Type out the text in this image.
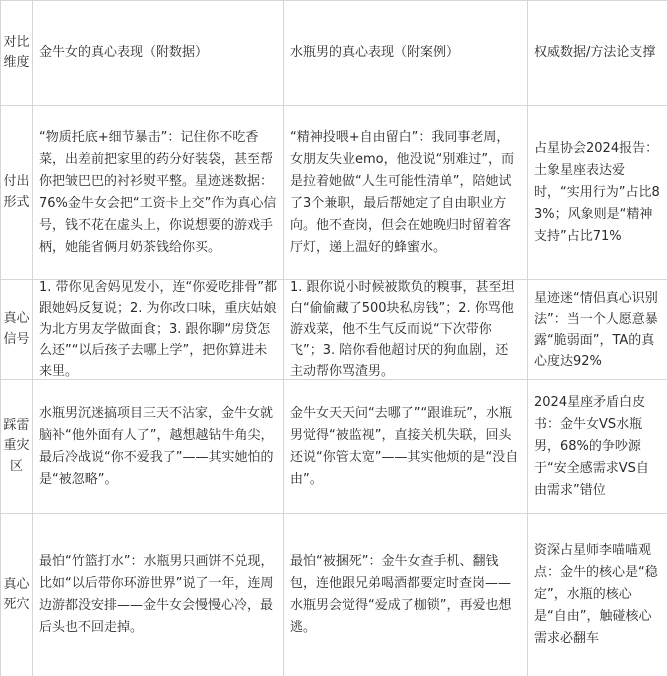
对比维度
金牛女的真心表现（附数据）	水瓶男的真心表现（附案例）	权威数据/方法论支撑
付出形式
“物质托底+细节暴击”：记住你不吃香菜，出差前把家里的药分好装袋，甚至帮你把皱巴巴的衬衫熨平整。星迹迷数据：76%金牛女会把“工资卡上交”作为真心信号，钱不花在虚头上，你说想要的游戏手柄，她能省俩月奶茶钱给你买。
“精神投喂+自由留白”：我同事老周，女朋友失业emo，他没说“别难过”，而是拉着她做“人生可能性清单”，陪她试了3个兼职，最后帮她定了自由职业方向。他不查岗，但会在她晚归时留着客厅灯，递上温好的蜂蜜水。
占星协会2024报告：土象星座表达爱时，“实用行为”占比83%；风象则是“精神支持”占比71%
真心信号
1. 带你见舍妈见发小，连“你爱吃排骨”都跟她妈反复说；2. 为你改口味，重庆姑娘为北方男友学做面食；3. 跟你聊“房贷怎么还”“以后孩子去哪上学”，把你算进未来里。
1. 跟你说小时候被欺负的糗事，甚至坦白“偷偷藏了500块私房钱”；2. 你骂他游戏菜，他不生气反而说“下次带你飞”；3. 陪你看他超讨厌的狗血剧，还主动帮你骂渣男。
星迹迷“情侣真心识别法”：当一个人愿意暴露“脆弱面”，TA的真心度达92%
踩雷重灾区
水瓶男沉迷搞项目三天不沾家，金牛女就脑补“他外面有人了”，越想越钻牛角尖，最后冷战说“你不爱我了”——其实她怕的是“被忽略”。
金牛女天天问“去哪了”“跟谁玩”，水瓶男觉得“被监视”，直接关机失联，回头还说“你管太宽”——其实他烦的是“没自由”。
2024星座矛盾白皮书：金牛女VS水瓶男，68%的争吵源于“安全感需求VS自由需求”错位
真心死穴
最怕“竹篮打水”：水瓶男只画饼不兑现，比如“以后带你环游世界”说了一年，连周边游都没安排——金牛女会慢慢心冷，最后头也不回走掉。
最怕“被捆死”：金牛女查手机、翻钱包，连他跟兄弟喝酒都要定时查岗——水瓶男会觉得“爱成了枷锁”，再爱也想逃。
资深占星师李喵喵观点：金牛的核心是“稳定”，水瓶的核心是“自由”，触碰核心需求必翻车
